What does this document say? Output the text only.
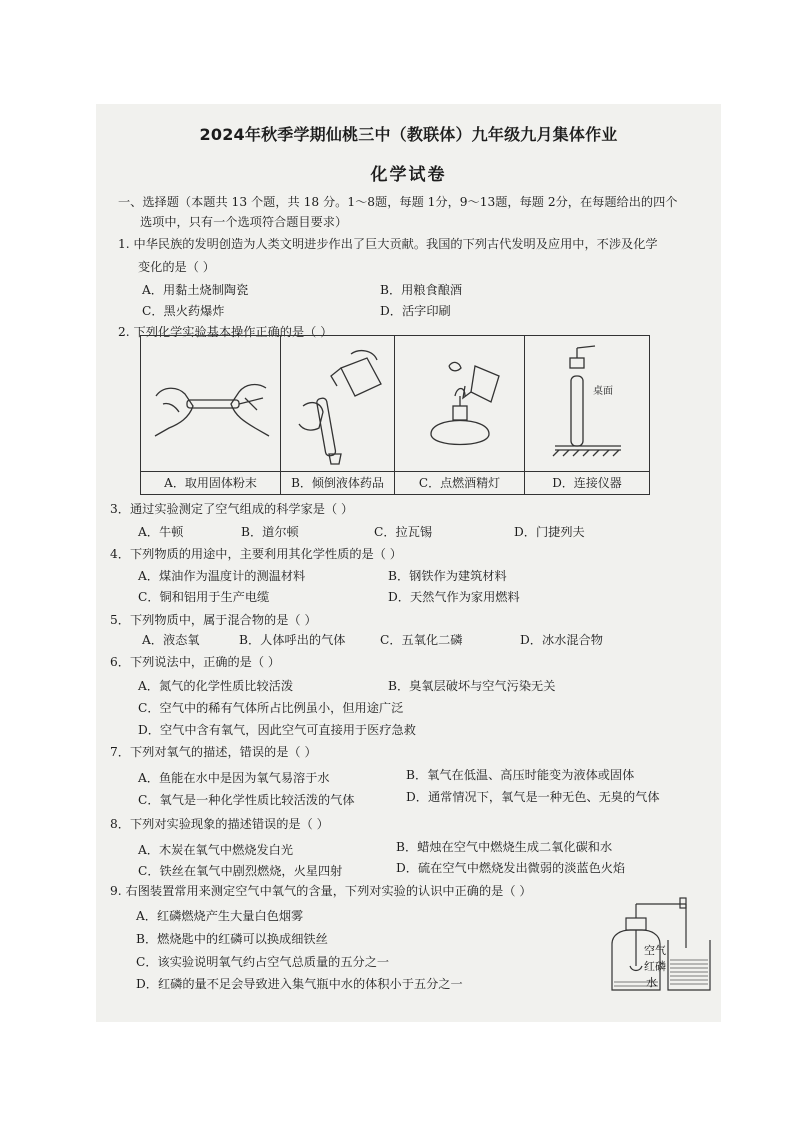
2024年秋季学期仙桃三中（教联体）九年级九月集体作业
化学试卷
一、选择题（本题共 13 个题，共 18 分。1～8题，每题 1分，9～13题，每题 2分，在每题给出的四个
选项中，只有一个选项符合题目要求）
1. 中华民族的发明创造为人类文明进步作出了巨大贡献。我国的下列古代发明及应用中，不涉及化学
变化的是（ ）
A．用黏土烧制陶瓷	B．用粮食酿酒
C．黑火药爆炸	D．活字印刷
2. 下列化学实验基本操作正确的是（ ）
桌面
A．取用固体粉末	B．倾倒液体药品	C．点燃酒精灯	D．连接仪器
3．通过实验测定了空气组成的科学家是（ ）
A．牛顿	B．道尔顿	C．拉瓦锡	D．门捷列夫
4．下列物质的用途中，主要利用其化学性质的是（ ）
A．煤油作为温度计的测温材料	B．钢铁作为建筑材料
C．铜和铝用于生产电缆	D．天然气作为家用燃料
5．下列物质中，属于混合物的是（ ）
A．液态氧	B．人体呼出的气体	C．五氧化二磷	D．冰水混合物
6．下列说法中，正确的是（ ）
A．氮气的化学性质比较活泼	B．臭氧层破坏与空气污染无关
C．空气中的稀有气体所占比例虽小，但用途广泛
D．空气中含有氧气，因此空气可直接用于医疗急救
7．下列对氧气的描述，错误的是（ ）
A．鱼能在水中是因为氧气易溶于水	B．氧气在低温、高压时能变为液体或固体
C．氧气是一种化学性质比较活泼的气体	D．通常情况下，氧气是一种无色、无臭的气体
8．下列对实验现象的描述错误的是（ ）
A．木炭在氧气中燃烧发白光	B．蜡烛在空气中燃烧生成二氧化碳和水
C．铁丝在氧气中剧烈燃烧，火星四射	D．硫在空气中燃烧发出微弱的淡蓝色火焰
9. 右图装置常用来测定空气中氧气的含量，下列对实验的认识中正确的是（ ）
A．红磷燃烧产生大量白色烟雾
B．燃烧匙中的红磷可以换成细铁丝
C．该实验说明氧气约占空气总质量的五分之一
D．红磷的量不足会导致进入集气瓶中水的体积小于五分之一
空气
红磷
水
